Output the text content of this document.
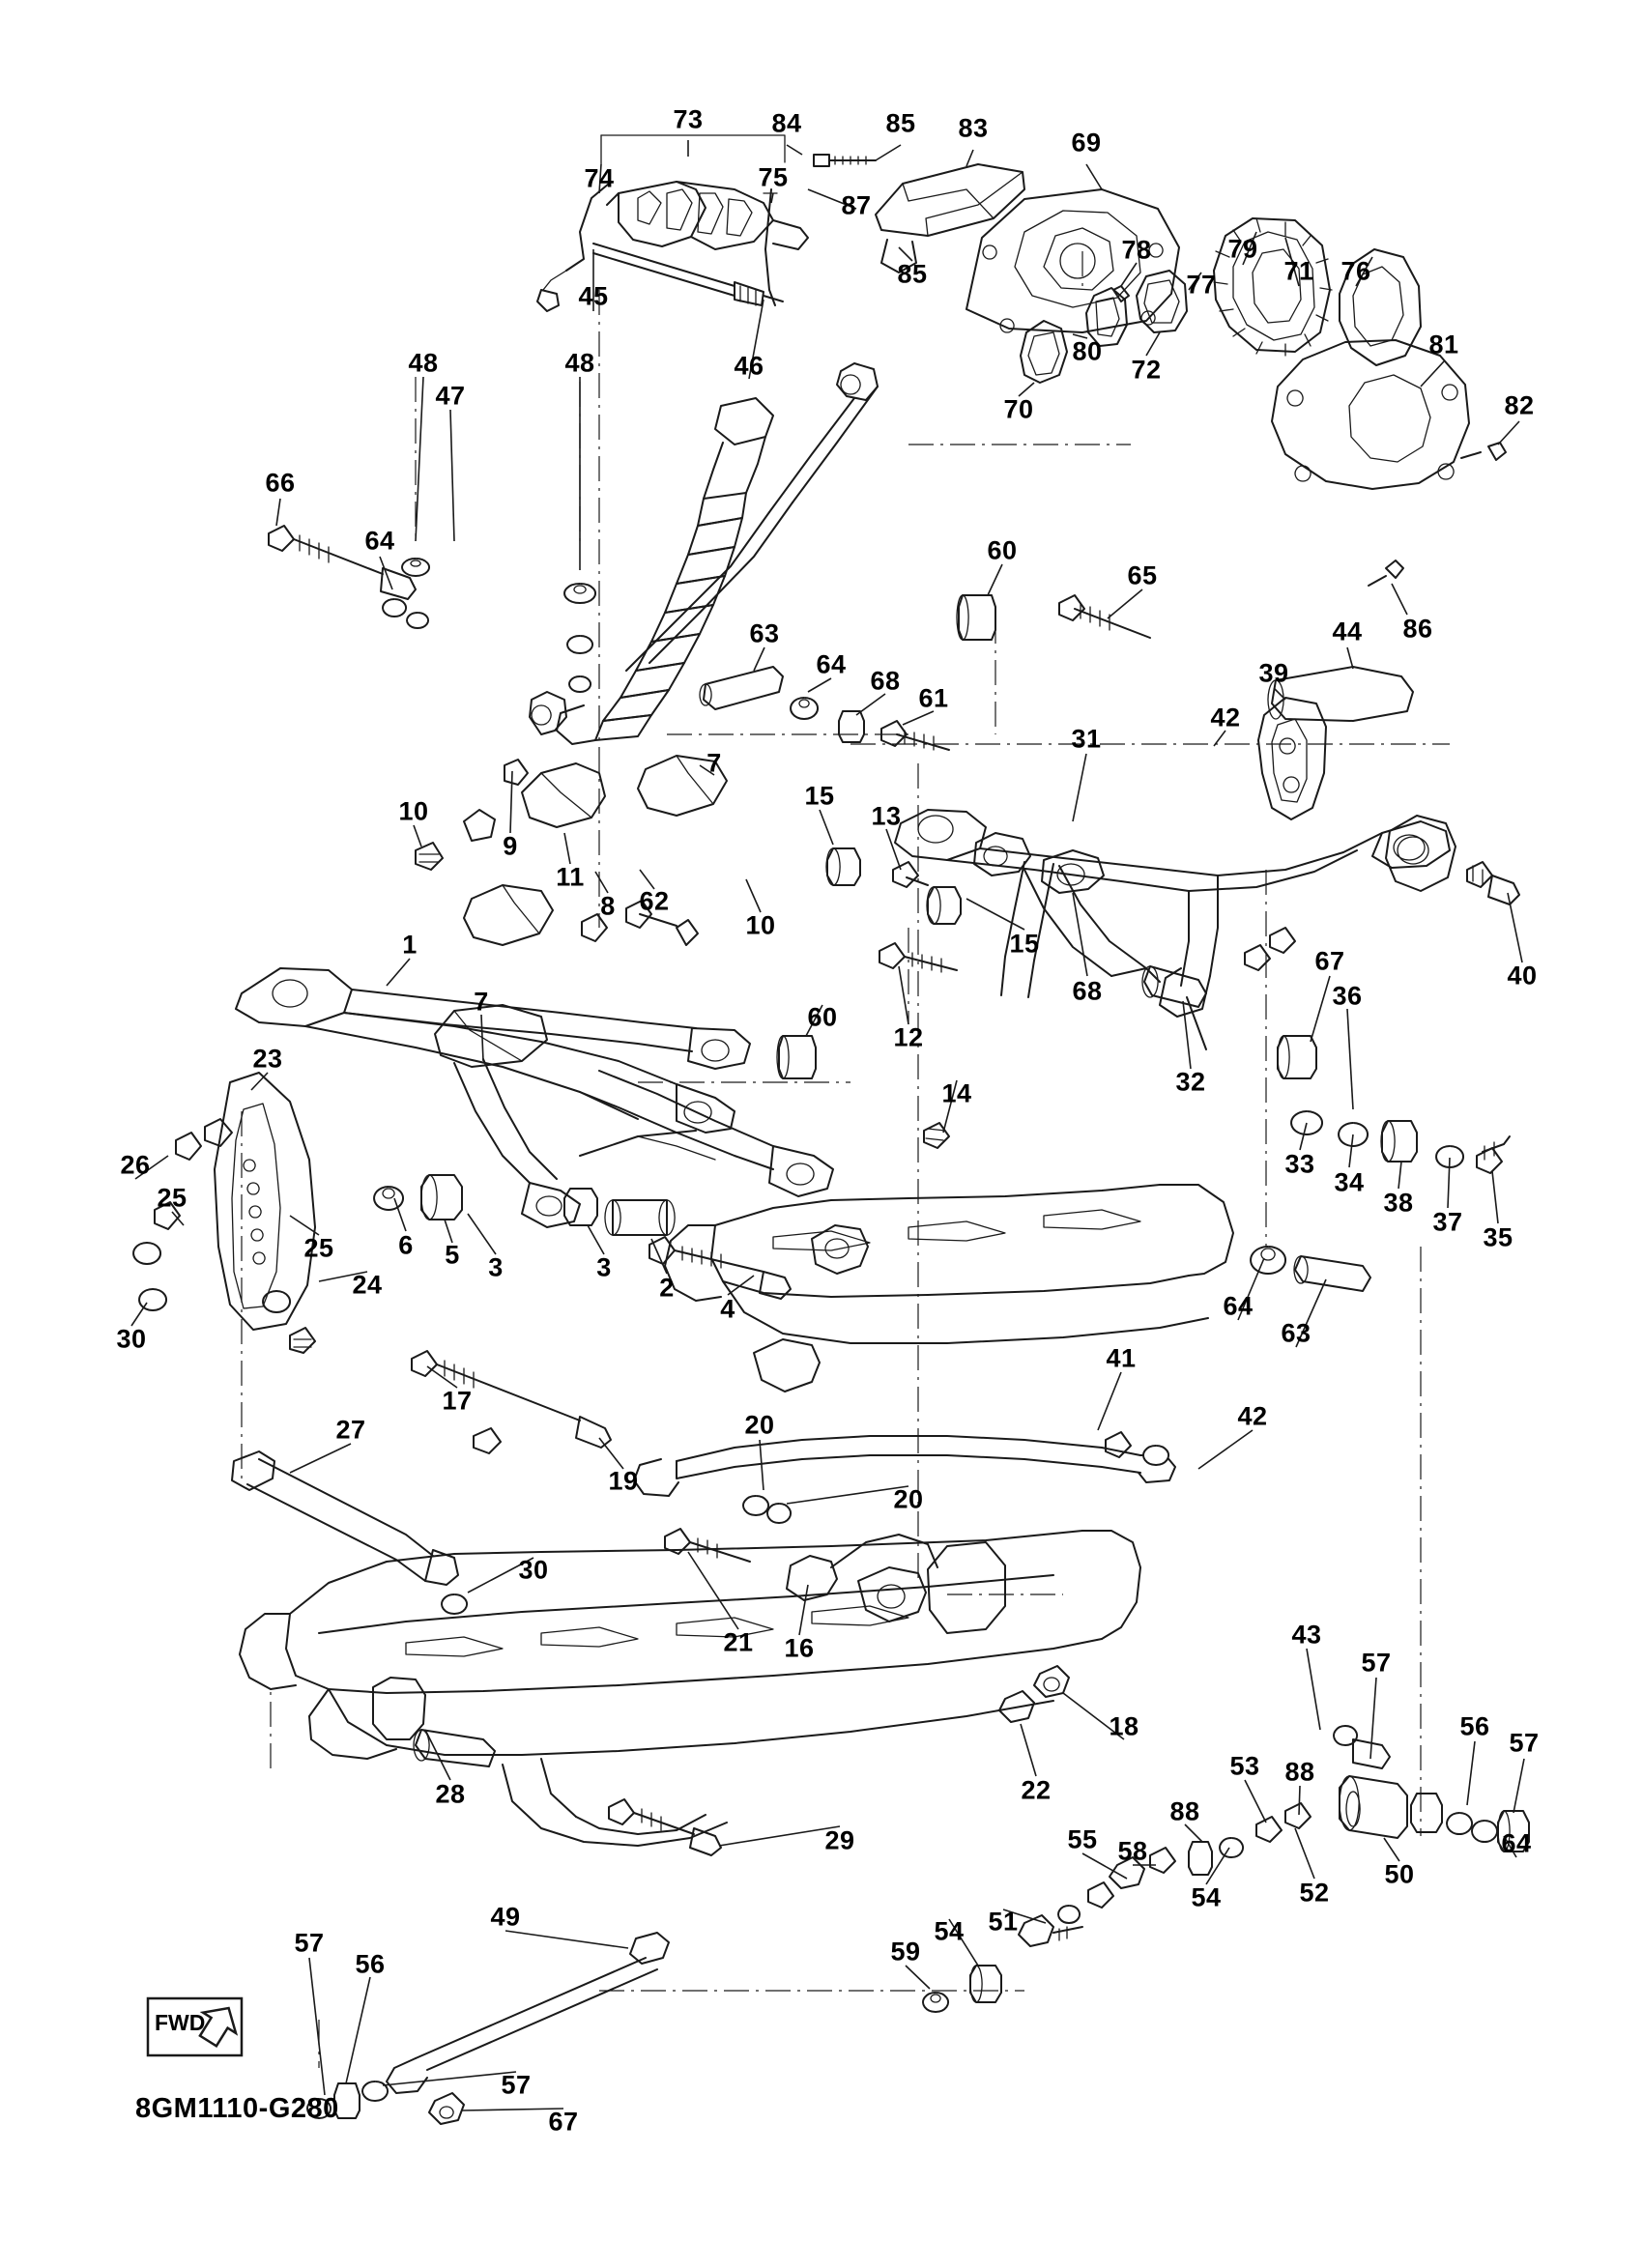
FWD
8GM1110-G280
73	84	85 83	69
74	75
87
85
78	79
71 76
77
81
82
45
46
48
47
48	80
72
70
66
64
86
60
65
44
39
63
64
68
61
42
31
15
13
7
10
9
11
8 62
10
15
68
67	40
36
1
7
12
60
14
23
32
33
34
38
37
35
26
25
6 5 3	3
2
4
25
24
30
64
63
17
41
42
20
19
20
27
30
21 16	43
57
56
57
88
53
88
52
50
64
28	22
18
29	55 58
54
51
54
59
49
57
56
57
67
